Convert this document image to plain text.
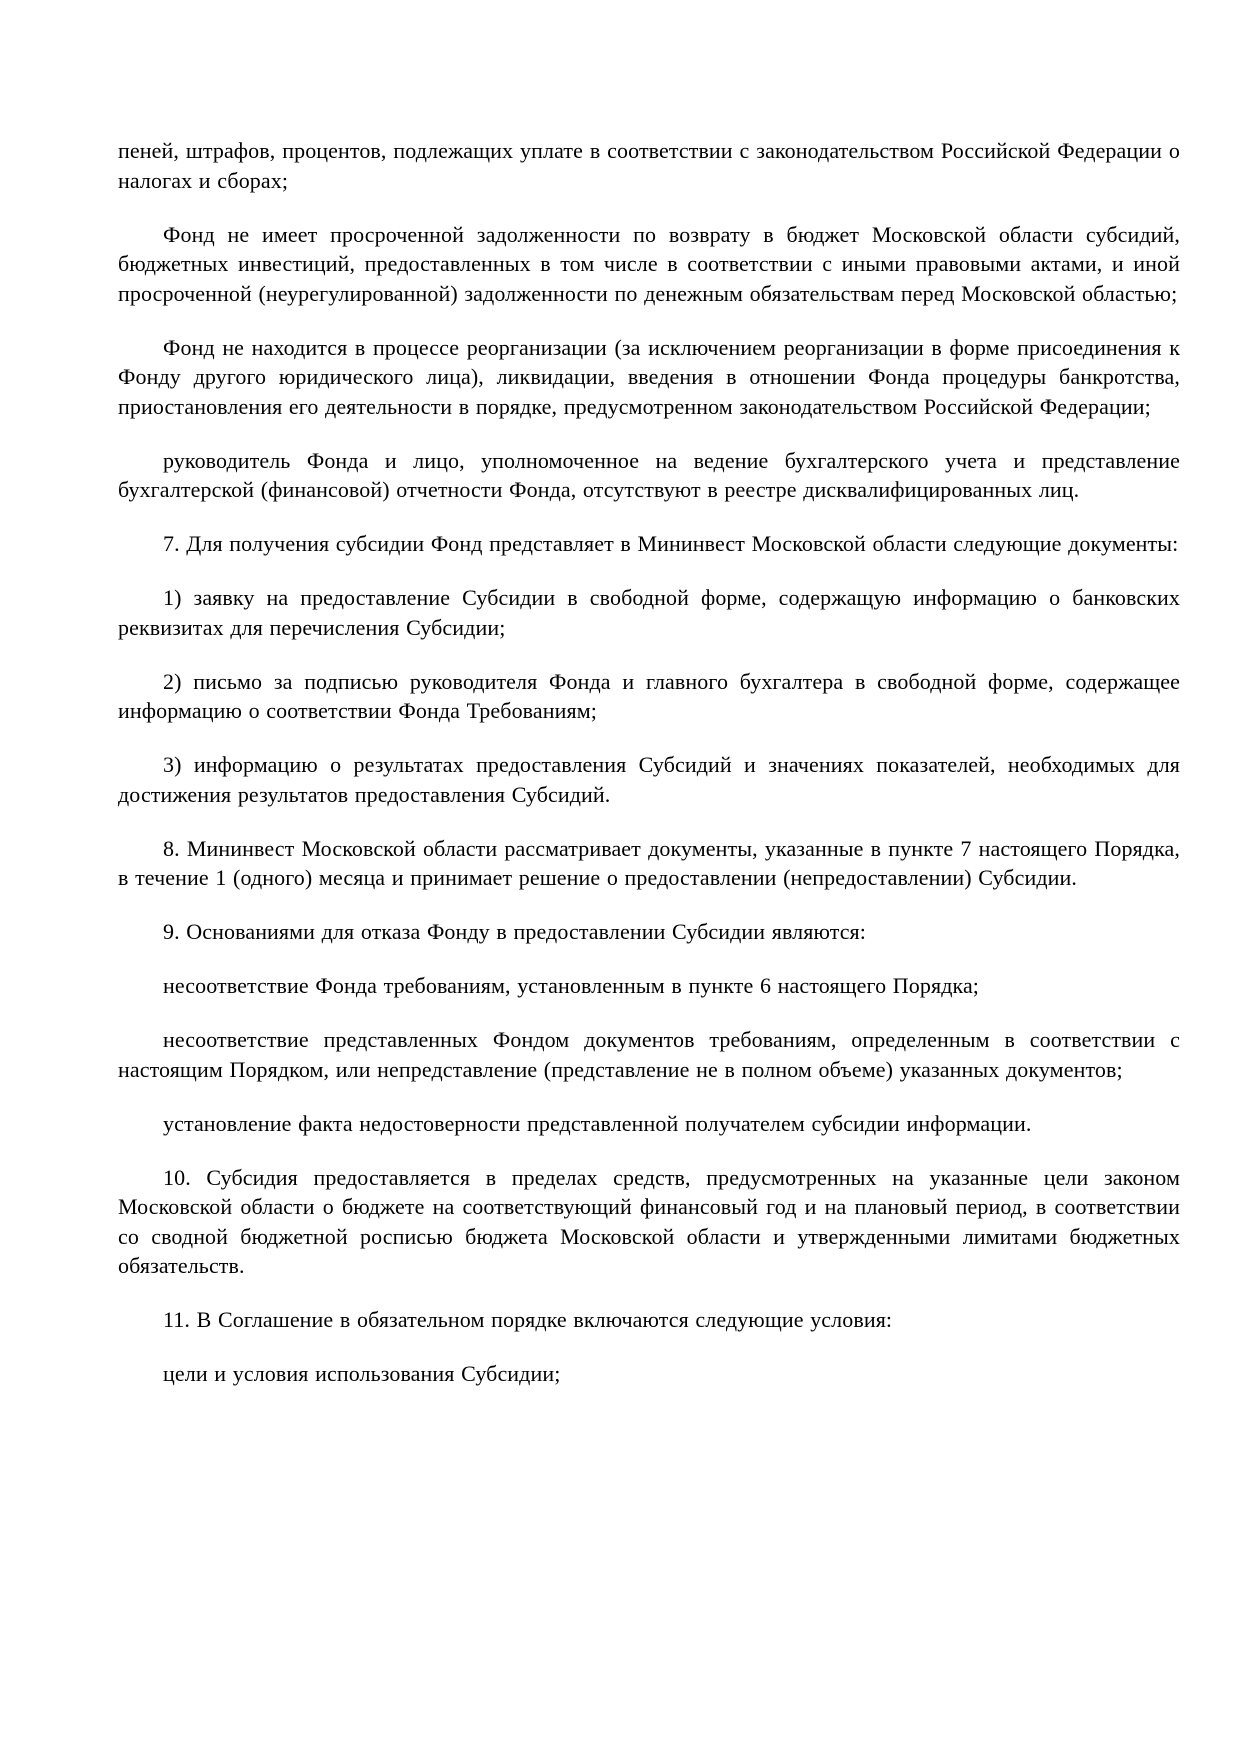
пеней, штрафов, процентов, подлежащих уплате в соответствии с законодательством Российской Федерации о налогах и сборах;

Фонд не имеет просроченной задолженности по возврату в бюджет Московской области субсидий, бюджетных инвестиций, предоставленных в том числе в соответствии с иными правовыми актами, и иной просроченной (неурегулированной) задолженности по денежным обязательствам перед Московской областью;

Фонд не находится в процессе реорганизации (за исключением реорганизации в форме присоединения к Фонду другого юридического лица), ликвидации, введения в отношении Фонда процедуры банкротства, приостановления его деятельности в порядке, предусмотренном законодательством Российской Федерации;

руководитель Фонда и лицо, уполномоченное на ведение бухгалтерского учета и представление бухгалтерской (финансовой) отчетности Фонда, отсутствуют в реестре дисквалифицированных лиц.

7. Для получения субсидии Фонд представляет в Мининвест Московской области следующие документы:

1) заявку на предоставление Субсидии в свободной форме, содержащую информацию о банковских реквизитах для перечисления Субсидии;

2) письмо за подписью руководителя Фонда и главного бухгалтера в свободной форме, содержащее информацию о соответствии Фонда Требованиям;

3) информацию о результатах предоставления Субсидий и значениях показателей, необходимых для достижения результатов предоставления Субсидий.

8. Мининвест Московской области рассматривает документы, указанные в пункте 7 настоящего Порядка, в течение 1 (одного) месяца и принимает решение о предоставлении (непредоставлении) Субсидии.

9. Основаниями для отказа Фонду в предоставлении Субсидии являются:

несоответствие Фонда требованиям, установленным в пункте 6 настоящего Порядка;

несоответствие представленных Фондом документов требованиям, определенным в соответствии с настоящим Порядком, или непредставление (представление не в полном объеме) указанных документов;

установление факта недостоверности представленной получателем субсидии информации.

10. Субсидия предоставляется в пределах средств, предусмотренных на указанные цели законом Московской области о бюджете на соответствующий финансовый год и на плановый период, в соответствии со сводной бюджетной росписью бюджета Московской области и утвержденными лимитами бюджетных обязательств.

11. В Соглашение в обязательном порядке включаются следующие условия:

цели и условия использования Субсидии;
